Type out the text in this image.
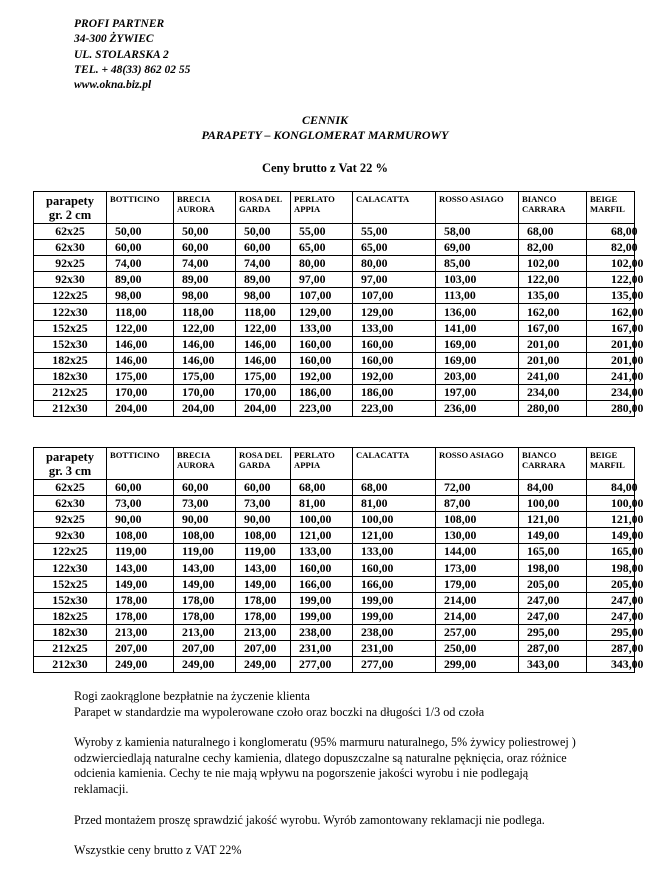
PROFI PARTNER
34-300 ŻYWIEC
UL. STOLARSKA 2
TEL. + 48(33) 862 02 55
www.okna.biz.pl
CENNIK
PARAPETY – KONGLOMERAT MARMUROWY
Ceny brutto z Vat 22 %
parapety
gr. 2 cm	BOTTICINO	BRECIA AURORA	ROSA DEL GARDA	PERLATO APPIA	CALACATTA	ROSSO ASIAGO	BIANCO CARRARA	BEIGE MARFIL
62x25	50,00	50,00	50,00	55,00	55,00	58,00	68,00	68,00
62x30	60,00	60,00	60,00	65,00	65,00	69,00	82,00	82,00
92x25	74,00	74,00	74,00	80,00	80,00	85,00	102,00	102,00
92x30	89,00	89,00	89,00	97,00	97,00	103,00	122,00	122,00
122x25	98,00	98,00	98,00	107,00	107,00	113,00	135,00	135,00
122x30	118,00	118,00	118,00	129,00	129,00	136,00	162,00	162,00
152x25	122,00	122,00	122,00	133,00	133,00	141,00	167,00	167,00
152x30	146,00	146,00	146,00	160,00	160,00	169,00	201,00	201,00
182x25	146,00	146,00	146,00	160,00	160,00	169,00	201,00	201,00
182x30	175,00	175,00	175,00	192,00	192,00	203,00	241,00	241,00
212x25	170,00	170,00	170,00	186,00	186,00	197,00	234,00	234,00
212x30	204,00	204,00	204,00	223,00	223,00	236,00	280,00	280,00
parapety
gr. 3 cm	BOTTICINO	BRECIA AURORA	ROSA DEL GARDA	PERLATO APPIA	CALACATTA	ROSSO ASIAGO	BIANCO CARRARA	BEIGE MARFIL
62x25	60,00	60,00	60,00	68,00	68,00	72,00	84,00	84,00
62x30	73,00	73,00	73,00	81,00	81,00	87,00	100,00	100,00
92x25	90,00	90,00	90,00	100,00	100,00	108,00	121,00	121,00
92x30	108,00	108,00	108,00	121,00	121,00	130,00	149,00	149,00
122x25	119,00	119,00	119,00	133,00	133,00	144,00	165,00	165,00
122x30	143,00	143,00	143,00	160,00	160,00	173,00	198,00	198,00
152x25	149,00	149,00	149,00	166,00	166,00	179,00	205,00	205,00
152x30	178,00	178,00	178,00	199,00	199,00	214,00	247,00	247,00
182x25	178,00	178,00	178,00	199,00	199,00	214,00	247,00	247,00
182x30	213,00	213,00	213,00	238,00	238,00	257,00	295,00	295,00
212x25	207,00	207,00	207,00	231,00	231,00	250,00	287,00	287,00
212x30	249,00	249,00	249,00	277,00	277,00	299,00	343,00	343,00

Rogi zaokrąglone bezpłatnie na życzenie klienta
Parapet w standardzie ma wypolerowane czoło oraz boczki na długości 1/3 od czoła

Wyroby z kamienia naturalnego i konglomeratu (95% marmuru naturalnego, 5% żywicy poliestrowej ) odzwierciedlają naturalne cechy kamienia, dlatego dopuszczalne są naturalne pęknięcia, oraz różnice odcienia kamienia. Cechy te nie mają wpływu na pogorszenie jakości wyrobu i nie podlegają reklamacji.

Przed montażem proszę sprawdzić jakość wyrobu. Wyrób zamontowany reklamacji nie podlega.

Wszystkie ceny brutto z VAT 22%
